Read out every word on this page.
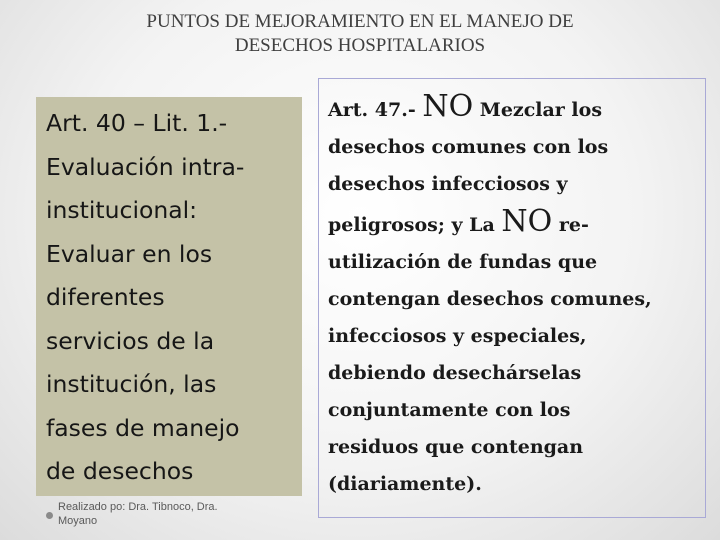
PUNTOS DE MEJORAMIENTO EN EL MANEJO DE
DESECHOS HOSPITALARIOS
Art. 40 – Lit. 1.-
Evaluación intra-
institucional:
Evaluar en los
diferentes
servicios de la
institución, las
fases de manejo
de desechos
Realizado po: Dra. Tibnoco, Dra.
Moyano
Art. 47.- NO Mezclar los
desechos comunes con los
desechos infecciosos y
peligrosos; y La NO re-
utilización de fundas que
contengan desechos comunes,
infecciosos y especiales,
debiendo desechárselas
conjuntamente con los
residuos que contengan
(diariamente).
